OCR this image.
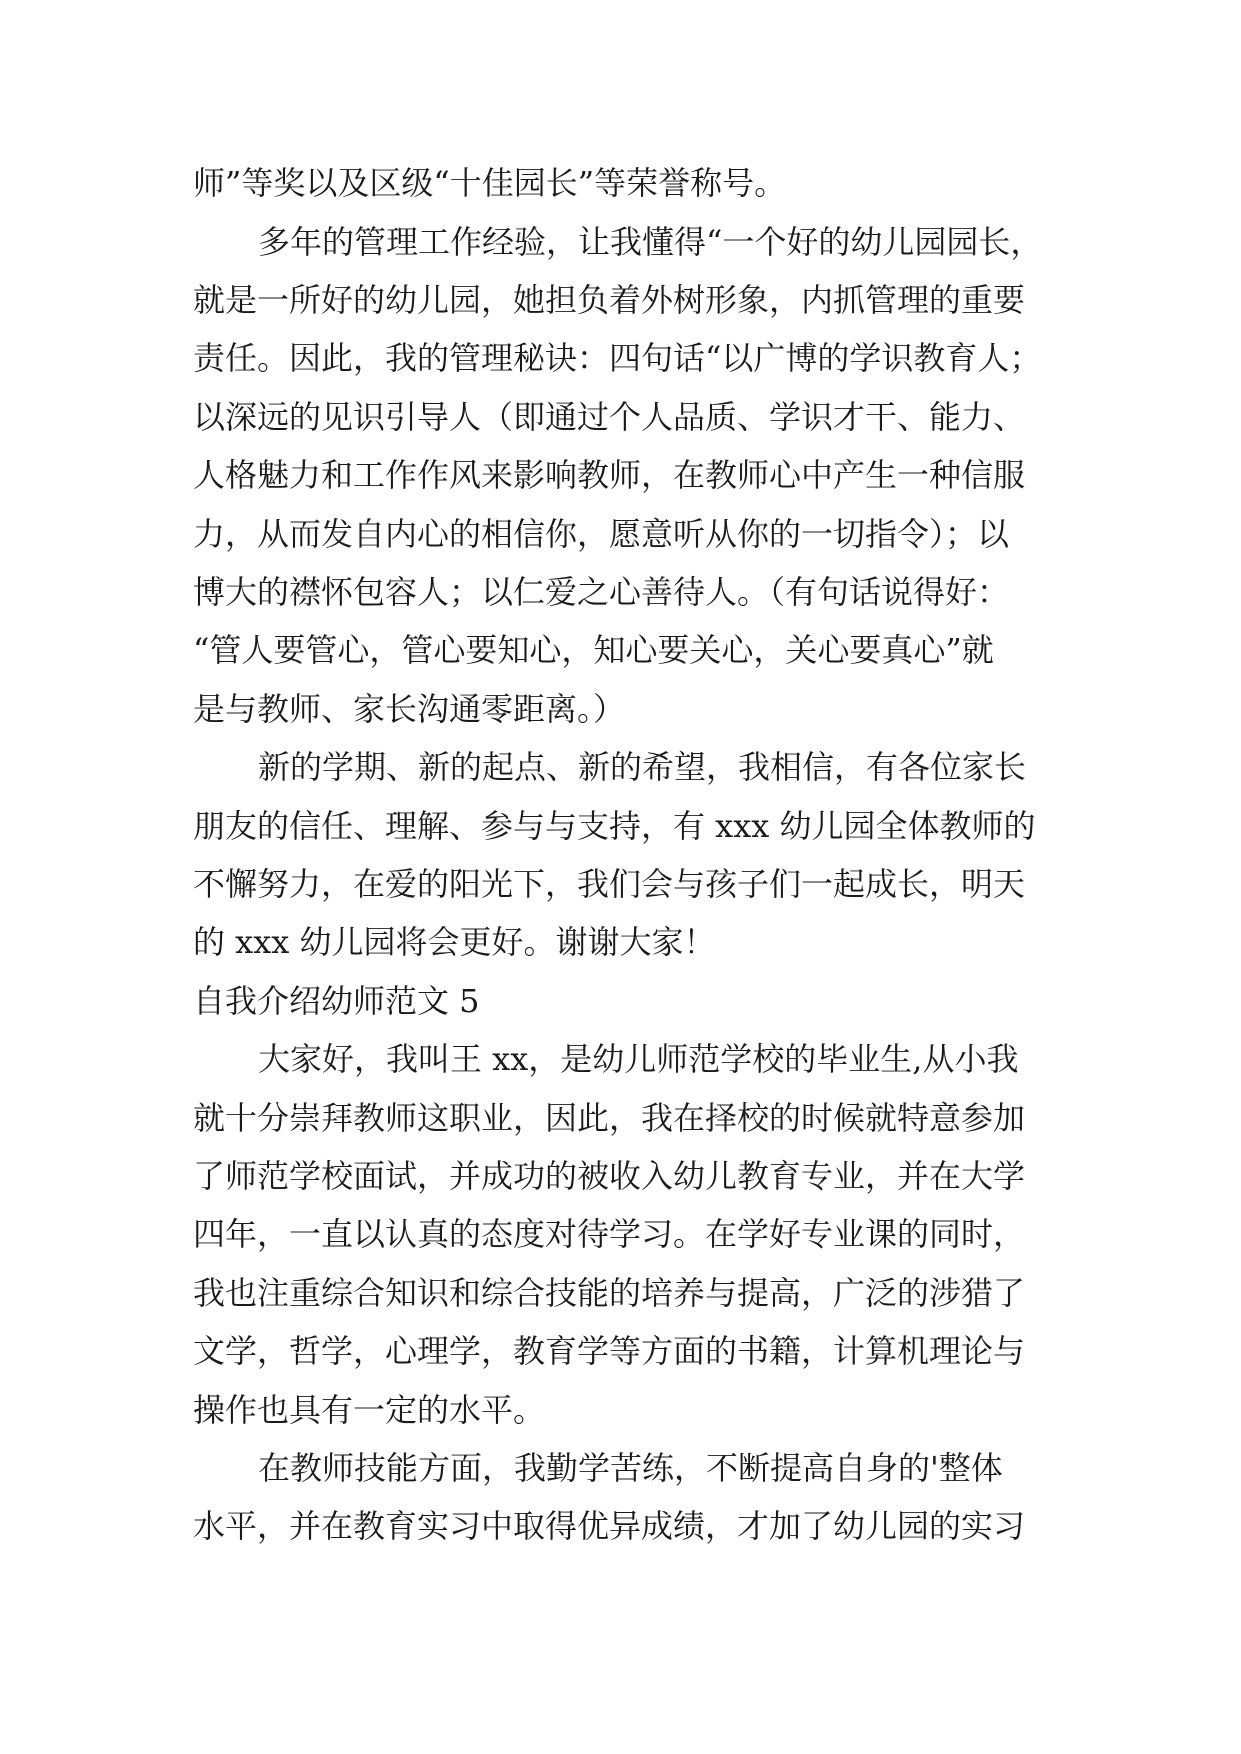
师”等奖以及区级“十佳园长”等荣誉称号。
多年的管理工作经验，让我懂得“一个好的幼儿园园长，
就是一所好的幼儿园，她担负着外树形象，内抓管理的重要
责任。因此，我的管理秘诀：四句话“以广博的学识教育人；
以深远的见识引导人（即通过个人品质、学识才干、能力、
人格魅力和工作作风来影响教师，在教师心中产生一种信服
力，从而发自内心的相信你，愿意听从你的一切指令）；以
博大的襟怀包容人；以仁爱之心善待人。（有句话说得好：
“管人要管心，管心要知心，知心要关心，关心要真心”就
是与教师、家长沟通零距离。）
新的学期、新的起点、新的希望，我相信，有各位家长
朋友的信任、理解、参与与支持，有 xxx 幼儿园全体教师的
不懈努力，在爱的阳光下，我们会与孩子们一起成长，明天
的 xxx 幼儿园将会更好。谢谢大家！
自我介绍幼师范文 5
大家好，我叫王 xx，是幼儿师范学校的毕业生,从小我
就十分崇拜教师这职业，因此，我在择校的时候就特意参加
了师范学校面试，并成功的被收入幼儿教育专业，并在大学
四年，一直以认真的态度对待学习。在学好专业课的同时，
我也注重综合知识和综合技能的培养与提高，广泛的涉猎了
文学，哲学，心理学，教育学等方面的书籍，计算机理论与
操作也具有一定的水平。
在教师技能方面，我勤学苦练，不断提高自身的'整体
水平，并在教育实习中取得优异成绩，才加了幼儿园的实习
